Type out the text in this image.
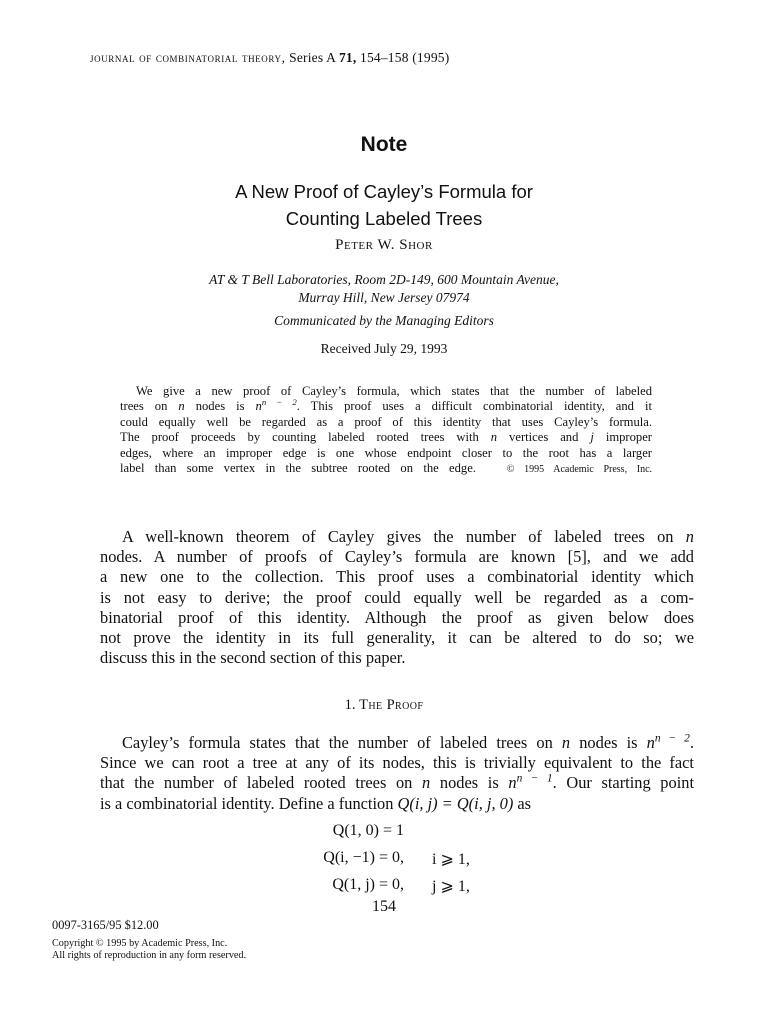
journal of combinatorial theory, Series A 71, 154–158 (1995)
Note
A New Proof of Cayley’s Formula for
Counting Labeled Trees
Peter W. Shor
AT & T Bell Laboratories, Room 2D-149, 600 Mountain Avenue,
Murray Hill, New Jersey 07974
Communicated by the Managing Editors
Received July 29, 1993
We give a new proof of Cayley’s formula, which states that the number of labeled
trees on n nodes is $n^{n - 2}$. This proof uses a difficult combinatorial identity, and it
could equally well be regarded as a proof of this identity that uses Cayley’s formula.
The proof proceeds by counting labeled rooted trees with n vertices and j improper
edges, where an improper edge is one whose endpoint closer to the root has a larger
label than some vertex in the subtree rooted on the edge.	© 1995 Academic Press, Inc.
A well-known theorem of Cayley gives the number of labeled trees on n
nodes. A number of proofs of Cayley’s formula are known [5], and we add
a new one to the collection. This proof uses a combinatorial identity which
is not easy to derive; the proof could equally well be regarded as a com-
binatorial proof of this identity. Although the proof as given below does
not prove the identity in its full generality, it can be altered to do so; we
discuss this in the second section of this paper.
1. The Proof
Cayley’s formula states that the number of labeled trees on n nodes is $n^{n - 2}$.
Since we can root a tree at any of its nodes, this is trivially equivalent to the fact
that the number of labeled rooted trees on n nodes is $n^{n - 1}$. Our starting point
is a combinatorial identity. Define a function Q(i, j) = Q(i, j, 0) as
Q(1, 0) = 1
Q(i, −1) = 0, i ⩾ 1,
Q(1, j) = 0, j ⩾ 1,
154
0097-3165/95 $12.00
Copyright © 1995 by Academic Press, Inc.
All rights of reproduction in any form reserved.
